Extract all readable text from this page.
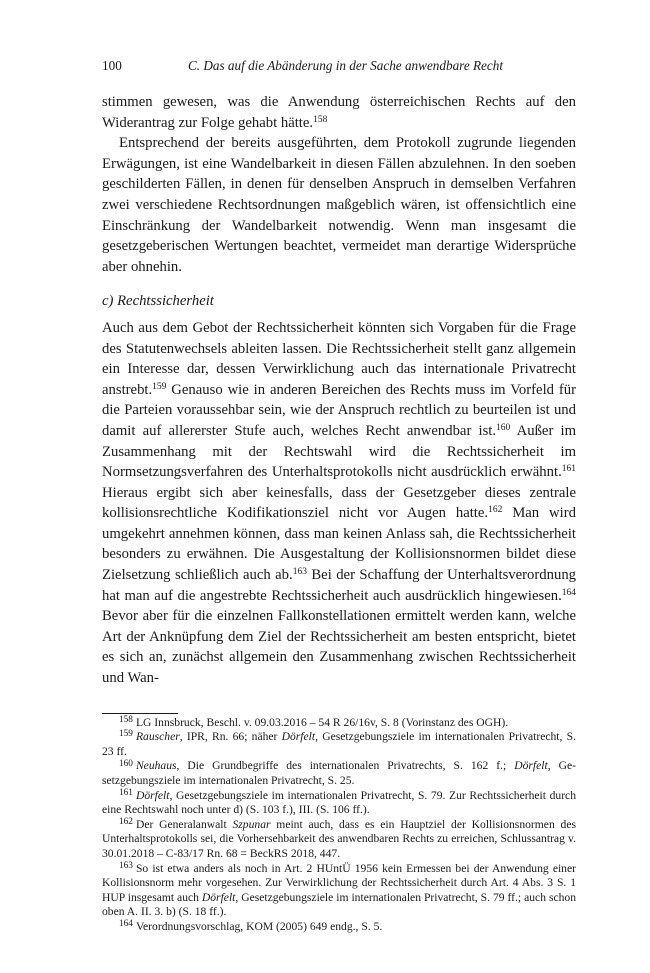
100	C. Das auf die Abänderung in der Sache anwendbare Recht

stimmen gewesen, was die Anwendung österreichischen Rechts auf den Widerantrag zur Folge gehabt hätte.$^{158}$

Entsprechend der bereits ausgeführten, dem Protokoll zugrunde liegenden Erwägungen, ist eine Wandelbarkeit in diesen Fällen abzulehnen. In den soeben geschilderten Fällen, in denen für denselben Anspruch in demselben Verfahren zwei verschiedene Rechtsordnungen maßgeblich wären, ist offensichtlich eine Einschränkung der Wandelbarkeit notwendig. Wenn man insgesamt die gesetzgeberischen Wertungen beachtet, vermeidet man derartige Widersprüche aber ohnehin.

c) Rechtssicherheit

Auch aus dem Gebot der Rechtssicherheit könnten sich Vorgaben für die Frage des Statutenwechsels ableiten lassen. Die Rechtssicherheit stellt ganz allgemein ein Interesse dar, dessen Verwirklichung auch das internationale Privatrecht anstrebt.$^{159}$ Genauso wie in anderen Bereichen des Rechts muss im Vorfeld für die Parteien voraussehbar sein, wie der Anspruch rechtlich zu beurteilen ist und damit auf allererster Stufe auch, welches Recht anwendbar ist.$^{160}$ Außer im Zusammenhang mit der Rechtswahl wird die Rechtssicherheit im Normsetzungsverfahren des Unterhaltsprotokolls nicht ausdrücklich erwähnt.$^{161}$ Hieraus ergibt sich aber keinesfalls, dass der Gesetzgeber dieses zentrale kollisionsrechtliche Kodifikationsziel nicht vor Augen hatte.$^{162}$ Man wird umgekehrt annehmen können, dass man keinen Anlass sah, die Rechtssicherheit besonders zu erwähnen. Die Ausgestaltung der Kollisionsnormen bildet diese Zielsetzung schließlich auch ab.$^{163}$ Bei der Schaffung der Unterhaltsverordnung hat man auf die angestrebte Rechtssicherheit auch ausdrücklich hingewiesen.$^{164}$ Bevor aber für die einzelnen Fallkonstellationen ermittelt werden kann, welche Art der Anknüpfung dem Ziel der Rechtssicherheit am besten entspricht, bietet es sich an, zunächst allgemein den Zusammenhang zwischen Rechtssicherheit und Wan-

$^{158}$ LG Innsbruck, Beschl. v. 09.03.2016 – 54 R 26/16v, S. 8 (Vorinstanz des OGH).

$^{159}$ Rauscher, IPR, Rn. 66; näher Dörfelt, Gesetzgebungsziele im internationalen Privatrecht, S. 23 ff.

$^{160}$ Neuhaus, Die Grundbegriffe des internationalen Privatrechts, S. 162 f.; Dörfelt, Gesetzgebungsziele im internationalen Privatrecht, S. 25.

$^{161}$ Dörfelt, Gesetzgebungsziele im internationalen Privatrecht, S. 79. Zur Rechtssicherheit durch eine Rechtswahl noch unter d) (S. 103 f.), III. (S. 106 ff.).

$^{162}$ Der Generalanwalt Szpunar meint auch, dass es ein Hauptziel der Kollisionsnormen des Unterhaltsprotokolls sei, die Vorhersehbarkeit des anwendbaren Rechts zu erreichen, Schlussantrag v. 30.01.2018 – C-83/17 Rn. 68 = BeckRS 2018, 447.

$^{163}$ So ist etwa anders als noch in Art. 2 HUntÜ 1956 kein Ermessen bei der Anwendung einer Kollisionsnorm mehr vorgesehen. Zur Verwirklichung der Rechtssicherheit durch Art. 4 Abs. 3 S. 1 HUP insgesamt auch Dörfelt, Gesetzgebungsziele im internationalen Privatrecht, S. 79 ff.; auch schon oben A. II. 3. b) (S. 18 ff.).

$^{164}$ Verordnungsvorschlag, KOM (2005) 649 endg., S. 5.
